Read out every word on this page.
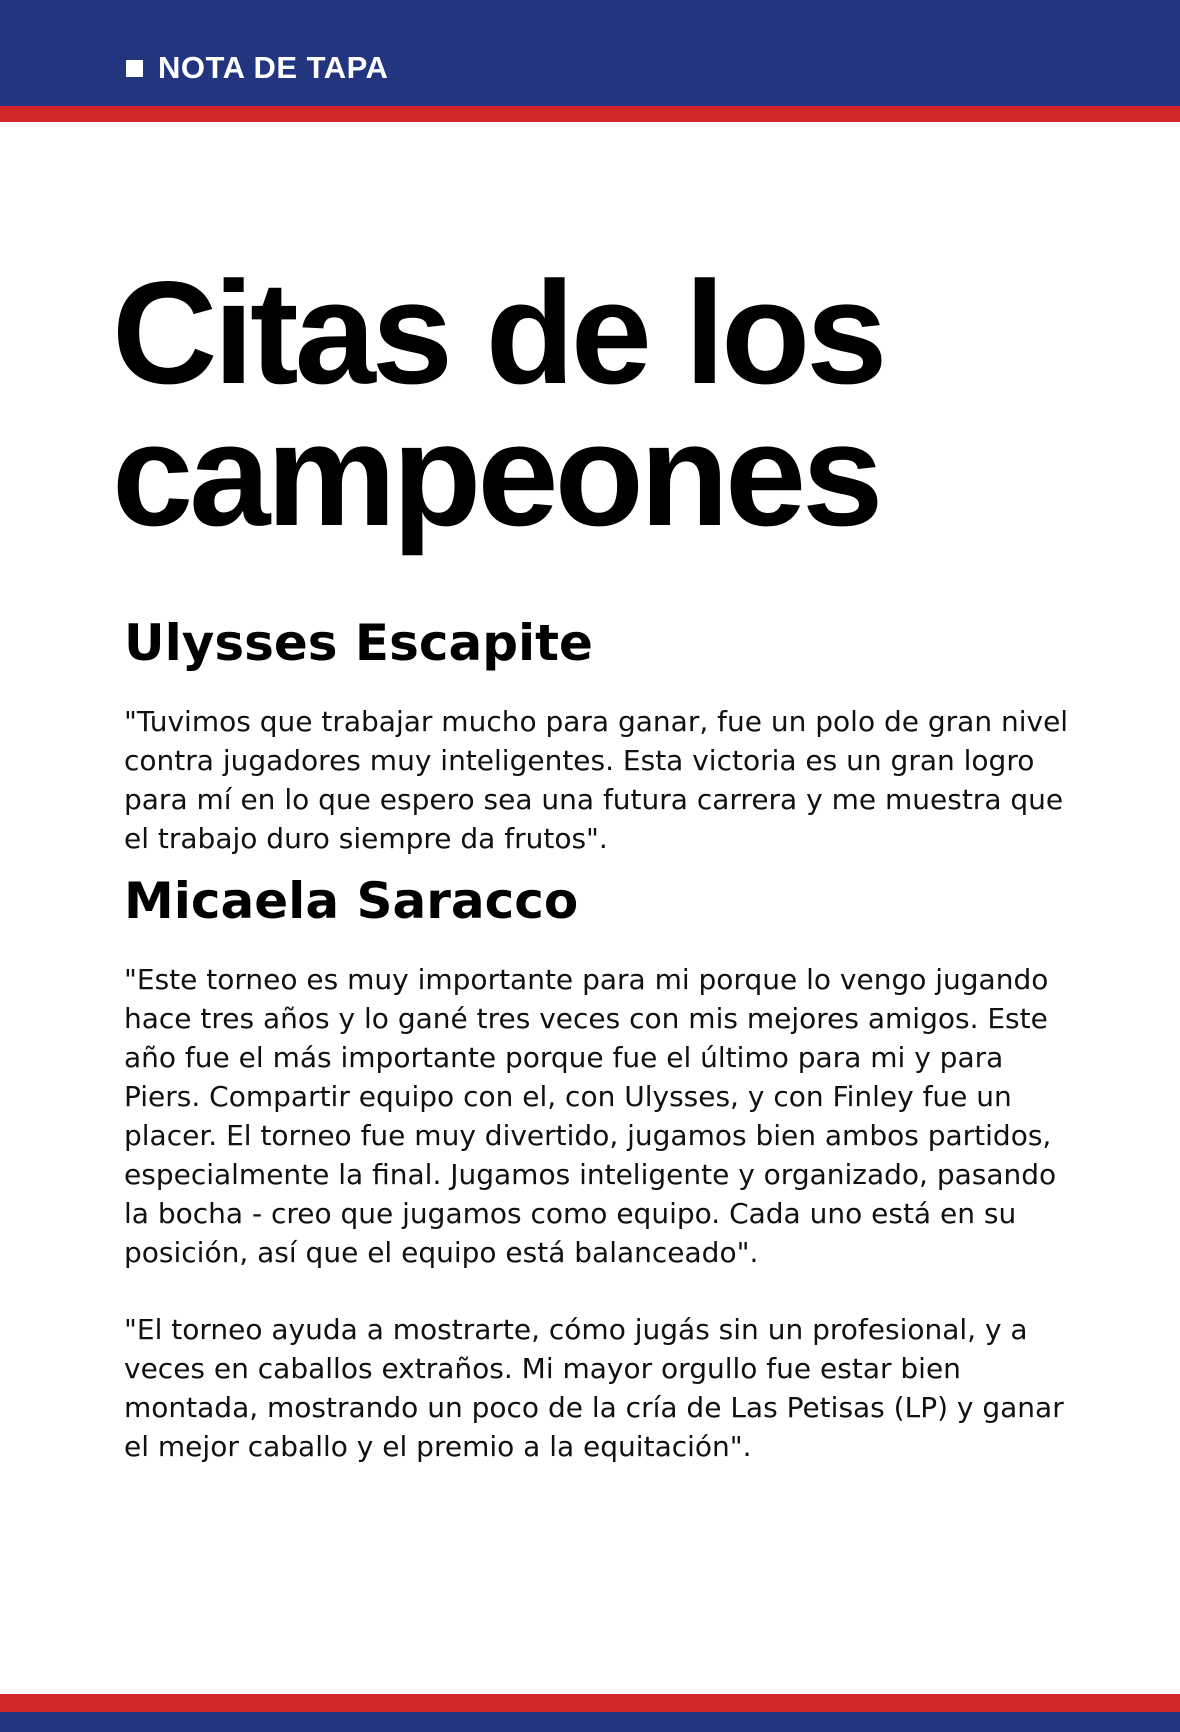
NOTA DE TAPA
Citas de los
campeones
Ulysses Escapite

"Tuvimos que trabajar mucho para ganar, fue un polo de gran nivel contra jugadores muy inteligentes. Esta victoria es un gran logro para mí en lo que espero sea una futura carrera y me muestra que el trabajo duro siempre da frutos".

Micaela Saracco

"Este torneo es muy importante para mi porque lo vengo jugando hace tres años y lo gané tres veces con mis mejores amigos. Este año fue el más importante porque fue el último para mi y para Piers. Compartir equipo con el, con Ulysses, y con Finley fue un placer. El torneo fue muy divertido, jugamos bien ambos partidos, especialmente la final. Jugamos inteligente y organizado, pasando la bocha - creo que jugamos como equipo. Cada uno está en su posición, así que el equipo está balanceado".

"El torneo ayuda a mostrarte, cómo jugás sin un profesional, y a veces en caballos extraños. Mi mayor orgullo fue estar bien montada, mostrando un poco de la cría de Las Petisas (LP) y ganar el mejor caballo y el premio a la equitación".
